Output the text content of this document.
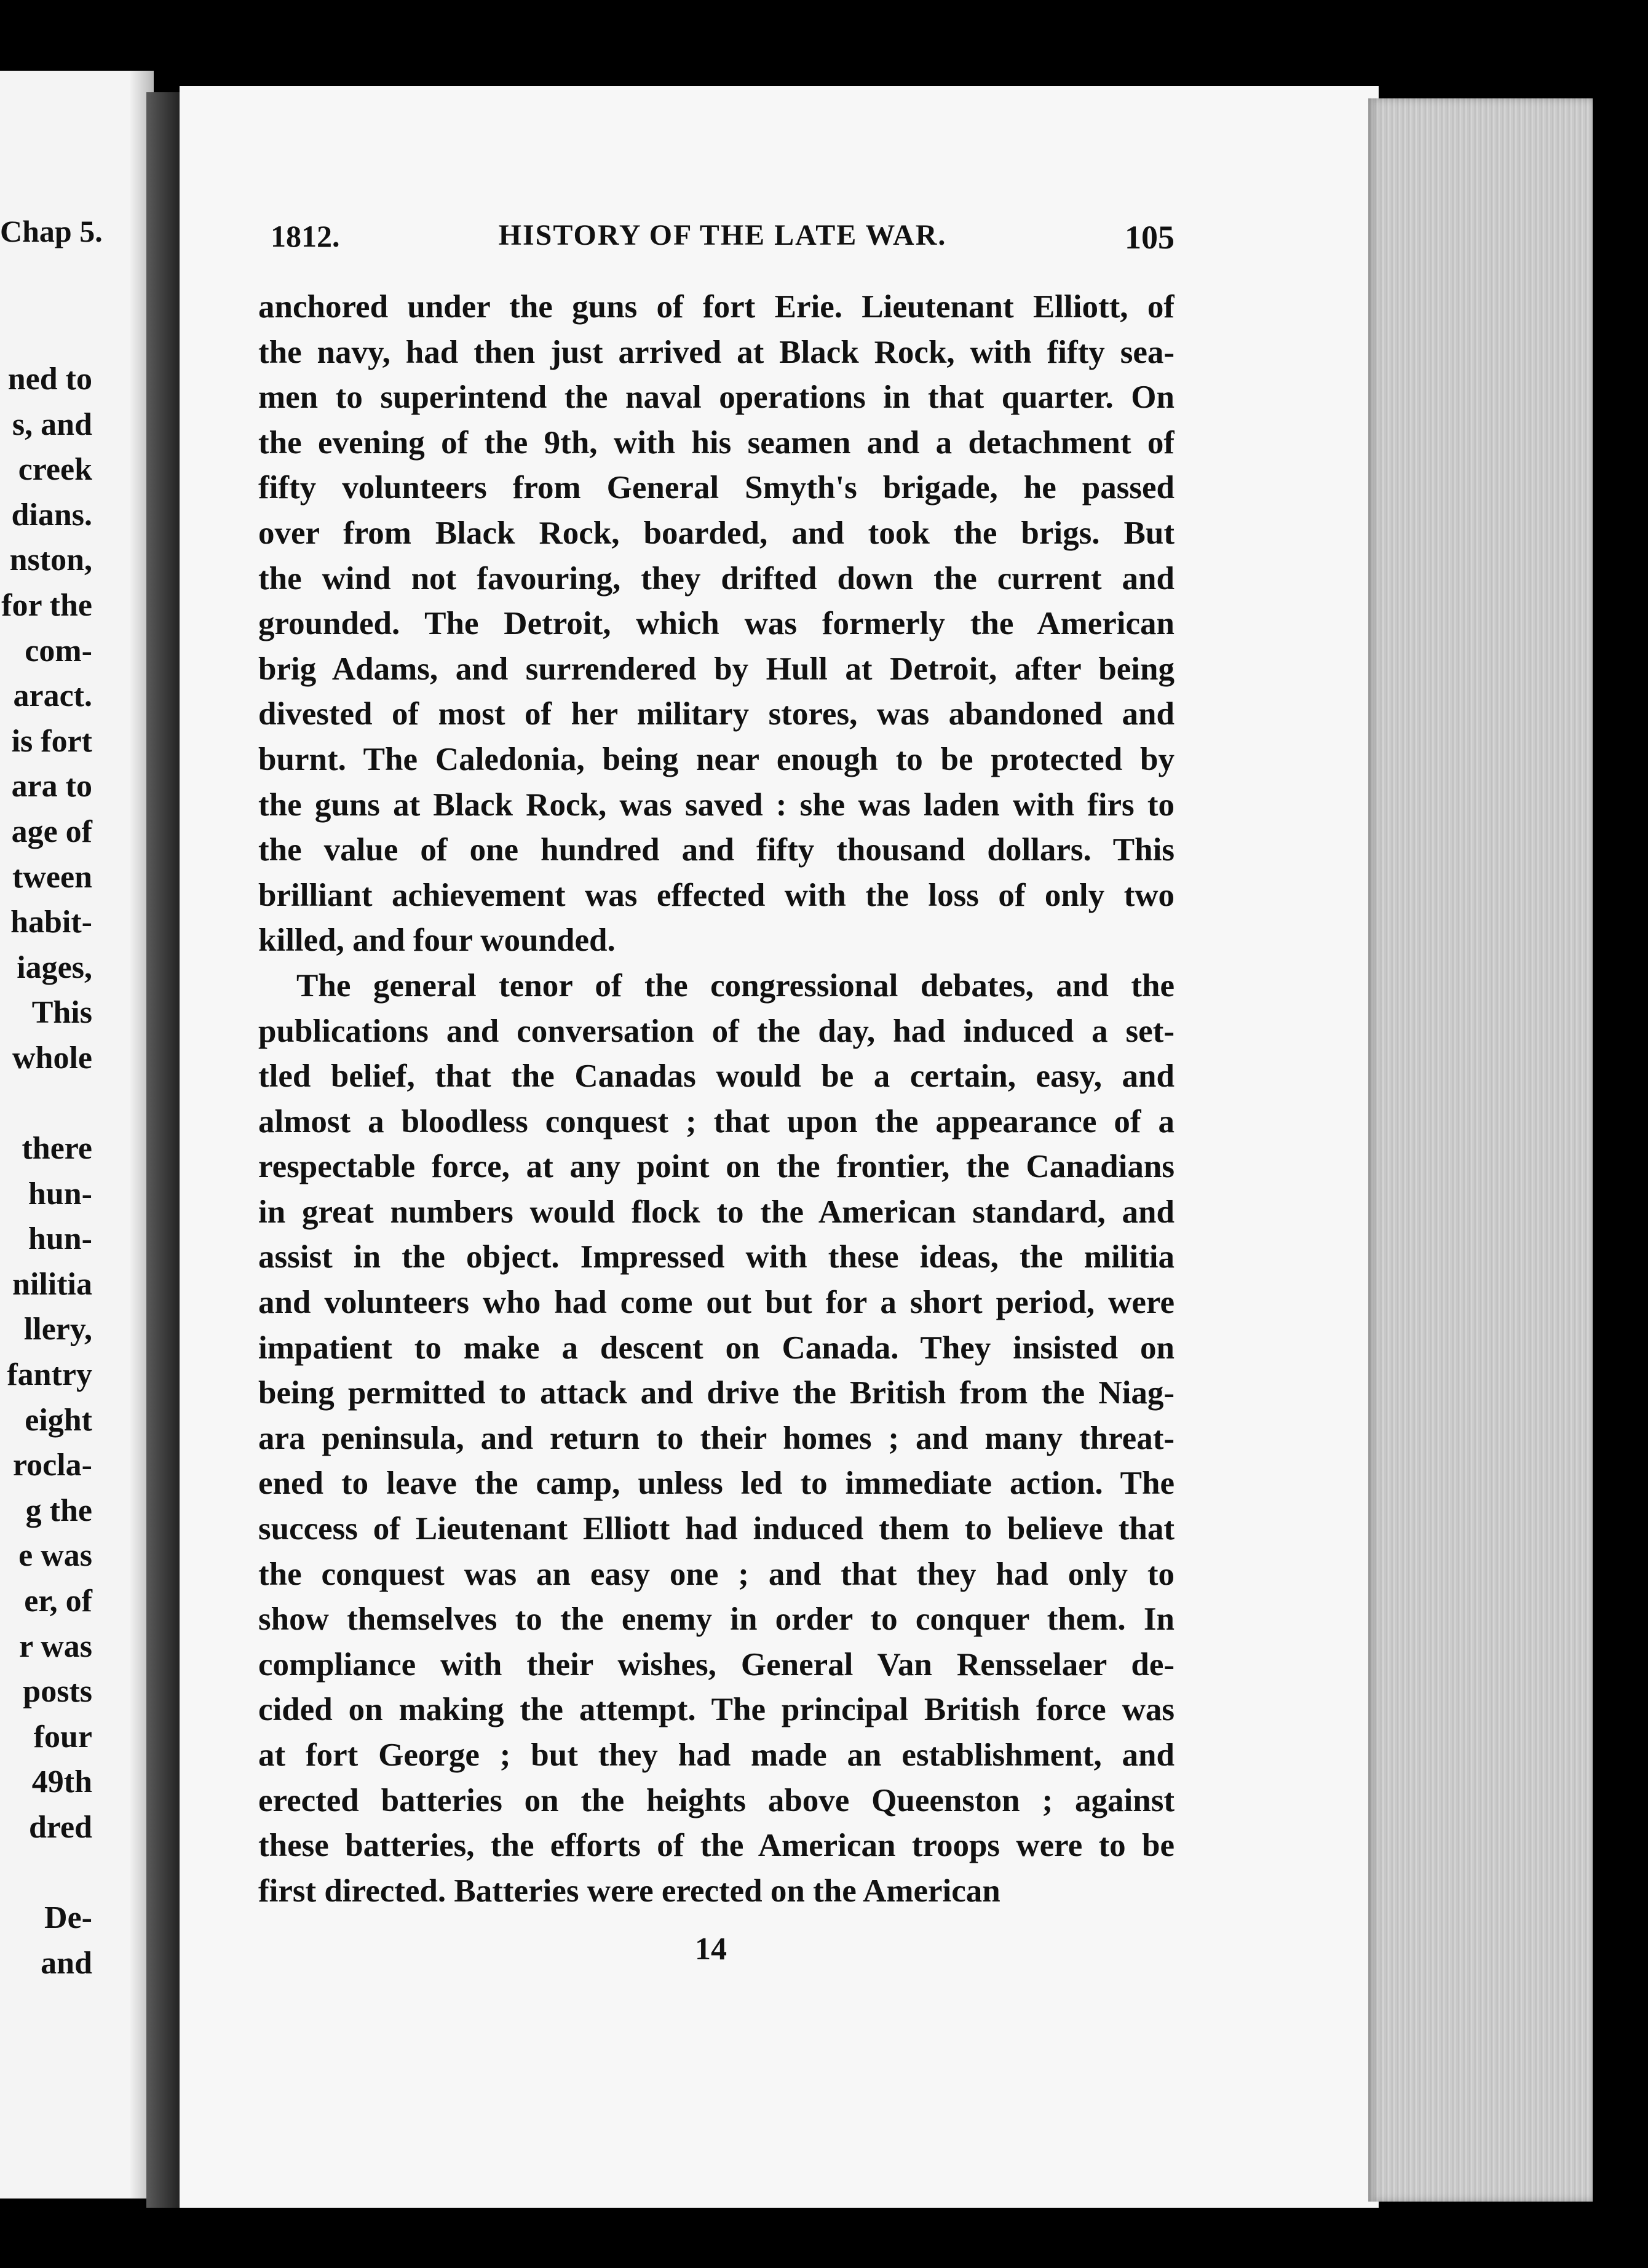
Chap 5.
ned to
s, and
creek
dians.
nston,
for the
com-
aract.
is fort
ara to
age of
tween
habit-
iages,
This
whole
there
hun-
hun-
nilitia
llery,
fantry
eight
rocla-
g the
e was
er, of
r was
posts
four
49th
dred
De-
and
1812.	HISTORY OF THE LATE WAR.	105
anchored under the guns of fort Erie. Lieutenant Elliott, of
the navy, had then just arrived at Black Rock, with fifty sea-
men to superintend the naval operations in that quarter. On
the evening of the 9th, with his seamen and a detachment of
fifty volunteers from General Smyth's brigade, he passed
over from Black Rock, boarded, and took the brigs. But
the wind not favouring, they drifted down the current and
grounded. The Detroit, which was formerly the American
brig Adams, and surrendered by Hull at Detroit, after being
divested of most of her military stores, was abandoned and
burnt. The Caledonia, being near enough to be protected by
the guns at Black Rock, was saved : she was laden with firs to
the value of one hundred and fifty thousand dollars. This
brilliant achievement was effected with the loss of only two
killed, and four wounded.
The general tenor of the congressional debates, and the
publications and conversation of the day, had induced a set-
tled belief, that the Canadas would be a certain, easy, and
almost a bloodless conquest ; that upon the appearance of a
respectable force, at any point on the frontier, the Canadians
in great numbers would flock to the American standard, and
assist in the object. Impressed with these ideas, the militia
and volunteers who had come out but for a short period, were
impatient to make a descent on Canada. They insisted on
being permitted to attack and drive the British from the Niag-
ara peninsula, and return to their homes ; and many threat-
ened to leave the camp, unless led to immediate action. The
success of Lieutenant Elliott had induced them to believe that
the conquest was an easy one ; and that they had only to
show themselves to the enemy in order to conquer them. In
compliance with their wishes, General Van Rensselaer de-
cided on making the attempt. The principal British force was
at fort George ; but they had made an establishment, and
erected batteries on the heights above Queenston ; against
these batteries, the efforts of the American troops were to be
first directed. Batteries were erected on the American
14
